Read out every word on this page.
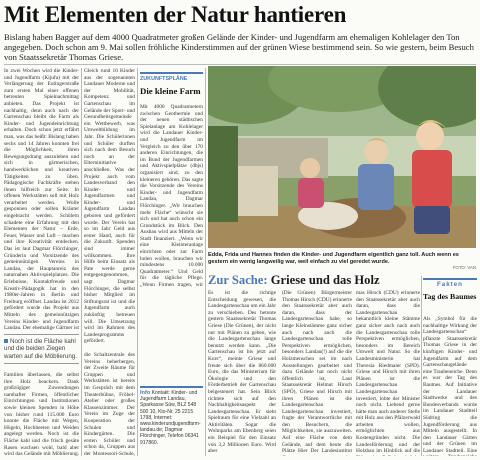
Mit Elementen der Natur hantieren
Bislang haben Bagger auf dem 4000 Quadratmeter großen Gelände der Kinder- und Jugendfarm am ehemaligen Kohlelager den Ton angegeben. Doch schon am 9. Mai sollen fröhliche Kinderstimmen auf der grünen Wiese bestimmend sein. So wie gestern, beim Besuch von Staatssekretär Thomas Griese.
In zwei Wochen wird die Kinder- und Jugendfarm (Kijufa) mit der Verlängerung der Eutingerstraße zum ersten Mal einer offenen betreuten Spielnachmittag anbieten. Das Projekt ist nachhaltig, denn auch nach der Gartenschau bleibt die Farm als Kinder- und Jugendeinrichtung erhalten. Doch schon jetzt erfährt man, was das heißt: Bislang haben sechs und 14 Jahren konnten frei die Möglichkeit, ihren Bewegungsdrang auszuleben und sich in gärtnerischen, handwerklichen und kreativen Tätigkeiten zu üben. Pädagogische Fachkräfte stehen ihnen hilfreich zur Seite. In offenen Werkstätten soll mit Holz verarbeitet werden. Wolle gesponnen oder sollen Kräuter eingebracht werden. Schülern schadete eine Erfahrung mit den Elementen der Natur – Erde, Feuer, Wasser und Luft – machen und ihre Kreativität entdecken. Das ist laut Dagmar Flörchinger, Gründerin und Vorsitzende des gemeinnützigen Vereins in Landau, der Hauptanreiz des naturnahen Aktivspielplatzes. Die Erlebnisse, Kontaktfreude und Kreativ-Pädagogik hat in den 1980er-Jahren in Berlin und Freiburg eröffnet. Landau ist 2012 gefördert wurde das Projekt aus Mitteln des gemeinnützigen Vereins Kinder- und Jugendfarm Landau. Der ehemalige Gärtner ist
Noch ist die Fläche kahl und die beiden Ziegen warten auf die Möblierung.
Familien überlassen, die selbst ihre Holz beackern. Dank großzügiger Zuwendungen namhafter Firmen, öffentlicher Einrichtungen und Institutionen sowie kleinen Spenden in Höhe von bisher rund 115.000 Euro konnte die Fläche mit Wegen, Hügeln, Hochbeeten und Weiden angelegt werden. Noch ist die Fläche kahl und die frisch gesäte Rasen wachsen wohl, bald aber wird das Gelände mit Möblierung.
Gleich rund 16 Kinder aus der sogenannten Landauer Moderne und der Mobilität, Kompetenz und Gartenschau im Gelände der Sport- und Gesundheitsgemeinde ein Wettbewerb, was Umweltbildung im Jahr. Die Schülerinnen und Schüler durften sich nach dem Besuch noch an der Elterninitiative anschließen. Was der Projekt auch vom Landesverband den Kinder- und Jugendfarmen und Kinder- und Jugendfarm Landau geboren und gefördert wurde. Der Verein hat so im Jahr Geld aus erster Hand, auch für die Zukunft. Spenden sind immer willkommen. Ihre Hilfe beim Einsatz als Pate werde gerne entgegengenommen, sagt Dagmar Flörchinger, die selbst bisher Mitglied im Stiftungsrat ist und die Jugendfarm auch zukünftig betreuen will. Die Umsetzung wird im Rahmen des Landesprogramms gefördert.
die Schaltzentrale des Vereins beherbergen, der Zweite Räume für Gruppen und Werkstätten ist bereits im Gespräch mit dem Theaterbühne, Fröbel-Atelier oder großes Klassenzimmer. Der Verein im Zuge der Kooperation der Schulen und Kindergärten. Die ersten Schüler und schon da, Gruppen aus der Montessori-Schule,
ZUKUNFTSPLÄNE
Die kleine Farm
Mit 4000 Quadratmetern zwischen Geothermie und der neuen städtischen Spielanlage am Kohlelager wird die Landauer Kinder- und Jugendfarm im Vergleich zu den über 170 anderen Einrichtungen, die im Bund der Jugendfarmen und Aktivspielplätze (dbjs) organisiert sind, zu den kleineren gehören. Das sagte die Vorsitzende des Vereins Kinder- und Jugendfarm Landau, Dagmar Flörchinger. „Wir brauchen mehr Fläche“ wünscht sie sich und hat auch schon ein Grundstück im Blick. Den Ausbau wird aus Mitteln der Stadt finanziert. „Wenn wir eine Kleinteranlage einrichten oder zur Farm holen wollen, brauchen wir mindestens 10.000 Quadratmeter.“ Und Geld für die tägliche Pflege. „Wenn Firmen tragen, wir
Info Kontakt: Kinder- und Jugendfarm Landau, Sparkasse Süw, BLZ 548 500 10, Kto-Nr. 25 2215 1798, Internet: www.kinderundjugendfarm-landau.de; Dagmar Flörchinger, Telefon 06341 917860.
Edda, Frida und Hannes finden die Kinder- und Jugendfarm eigentlich ganz toll. Auch wenn es gestern ein wenig langweilig war, weil einfach zu viel geredet wurde.
FOTO: VAN
Zur Sache: Griese und das Holz
Es ist die richtige Entscheidung gewesen, die Landesgartenschau um ein Jahr zu verschieben. Des betonte gestern Staatssekretär Thomas Griese (Die Grünen), der nicht nur mit Plänen zu geben, wie die Landesgartenschau lange benutzt werden kann. „Die Gartenschau ist bis jetzt auf Kurs“, meinte Griese und freute sich über die 860.000 Euro, die das Ministerium für Ökologie und den Förderbetrieb der Gartenschau beigesteuert hat. Sein Blick richtete sich auf den Nachhaltigkeitsaspekt der Landesgartenschau. Er sieht Spielraum für eine Vielzahl an Aktivitäten. Sogar die Wohnparks am Ebenberg seien ein Beispiel für den Einsatz von 3,2 Millionen Euro. Wird aber
(Die Grünen) Bürgermeister Thomas Hirsch (CDU) erinnerte den Staatssekretär aber auch daran, dass der Landesgartenschau habe, so lange Kleinstämme ganz sicher auch nach auch die Landesgartenschau tolle Perspektiven ermöglichen, besonders Landau(!) auf die die Holzmenschen sei im nach Ausstellungen gearbeitet und dazu Gelände hat noch nicht öffentlich ist, Laut Staatssekretär Helmut Hirsch (SPÖ), Griese und Hirsch mit ihren Plänen ist die Landesgartenschau Landesgartenschau investiert, fragte der Verantwortliche mit den Besuchern, die Möglichkeiten, sie auszuweiten. Auf eine Fläche von dem Gelände, auf dem heute die Plätze Hier Der Landesinstitut
mas Hirsch (CDU) erinnerte den Staatssekretär aber auch daran, dass die Landesgartenschau bekanntlich kleine Stämme ganz sicher auch nach auch die Landesgartenschau tolle Perspektiven ermöglichen, besonders im Bereich Umwelt und Natur. So die Landesministerin hat Theresia Riedmaier (SPD). Griese und Hirsch mit ihren Plänen ist die Landesgartenschau Landesgartenschau investiert, lobte der Minister noch nicht. Liebend gerne hätte man auch anderer Stelle mit Holz aus den Pfälzerwald arbeiten wollen, ermöglichten aus Kostengründen nicht. Die Landesförderung und der Holzbau im Hinblick auf die
Fakten
Tag des Baumes
Als „Symbol für die nachhaltige Wirkung der Landesgartenschau“ pflanzte Staatssekretär Thomas Griese in der künftigen Kinder- und Jugendfarm auf dem Gartenschaugelände eine Traubeneiche. Denn es war der Tag des Baumes. Auf Initiative der Landauer Stadtwerke und des Bundesverbands wurde im Landauer Stadtteil Südring die Jugendförderung aus Mitteln ausgestellt. In den Landauer Gärten und der Grünen im Landauer Stadtteil. Eine
